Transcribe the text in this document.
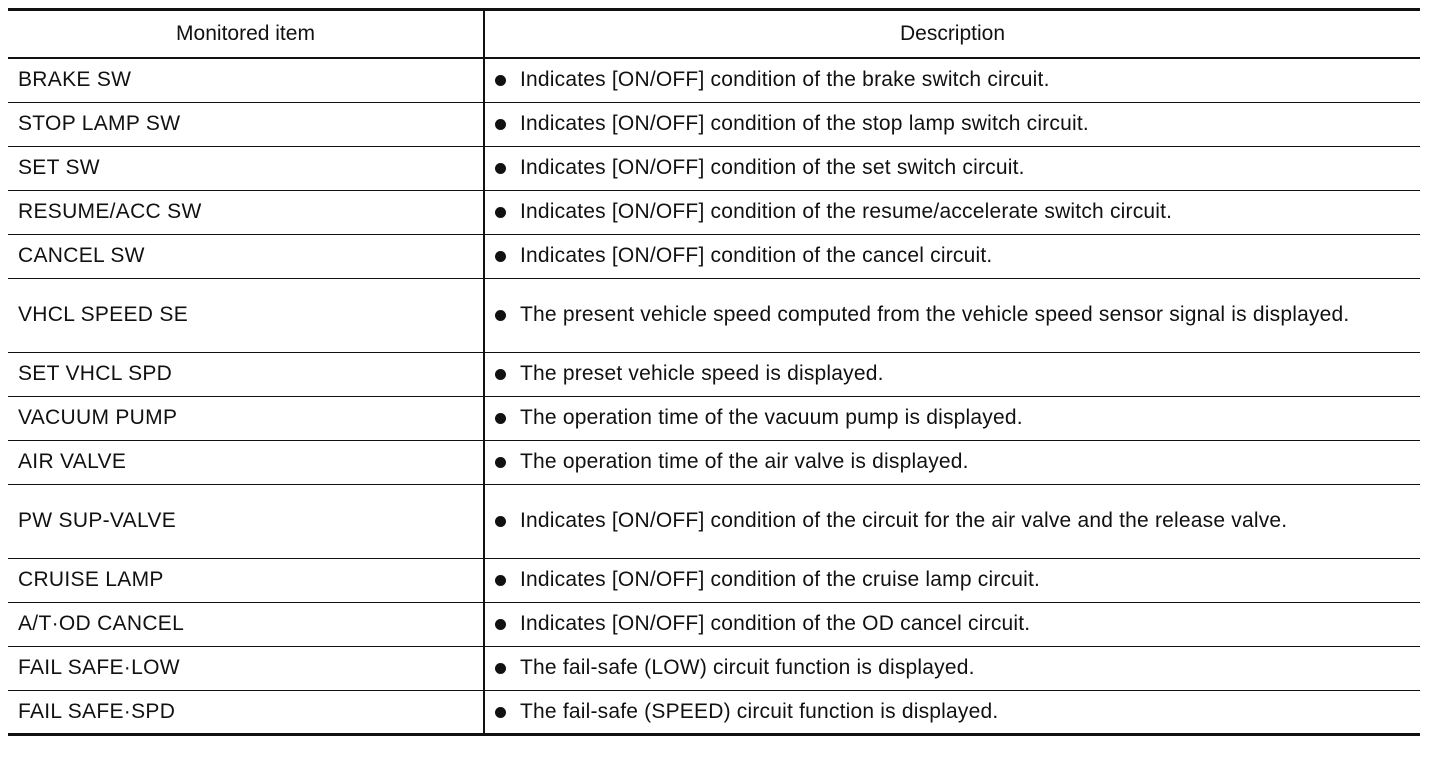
Monitored item	Description
BRAKE SW	Indicates [ON/OFF] condition of the brake switch circuit.

STOP LAMP SW	Indicates [ON/OFF] condition of the stop lamp switch circuit.

SET SW	Indicates [ON/OFF] condition of the set switch circuit.

RESUME/ACC SW	Indicates [ON/OFF] condition of the resume/accelerate switch circuit.

CANCEL SW	Indicates [ON/OFF] condition of the cancel circuit.

VHCL SPEED SE	The present vehicle speed computed from the vehicle speed sensor signal is displayed.

SET VHCL SPD	The preset vehicle speed is displayed.

VACUUM PUMP	The operation time of the vacuum pump is displayed.

AIR VALVE	The operation time of the air valve is displayed.

PW SUP-VALVE	Indicates [ON/OFF] condition of the circuit for the air valve and the release valve.

CRUISE LAMP	Indicates [ON/OFF] condition of the cruise lamp circuit.

A/T·OD CANCEL	Indicates [ON/OFF] condition of the OD cancel circuit.

FAIL SAFE·LOW	The fail-safe (LOW) circuit function is displayed.

FAIL SAFE·SPD	The fail-safe (SPEED) circuit function is displayed.
